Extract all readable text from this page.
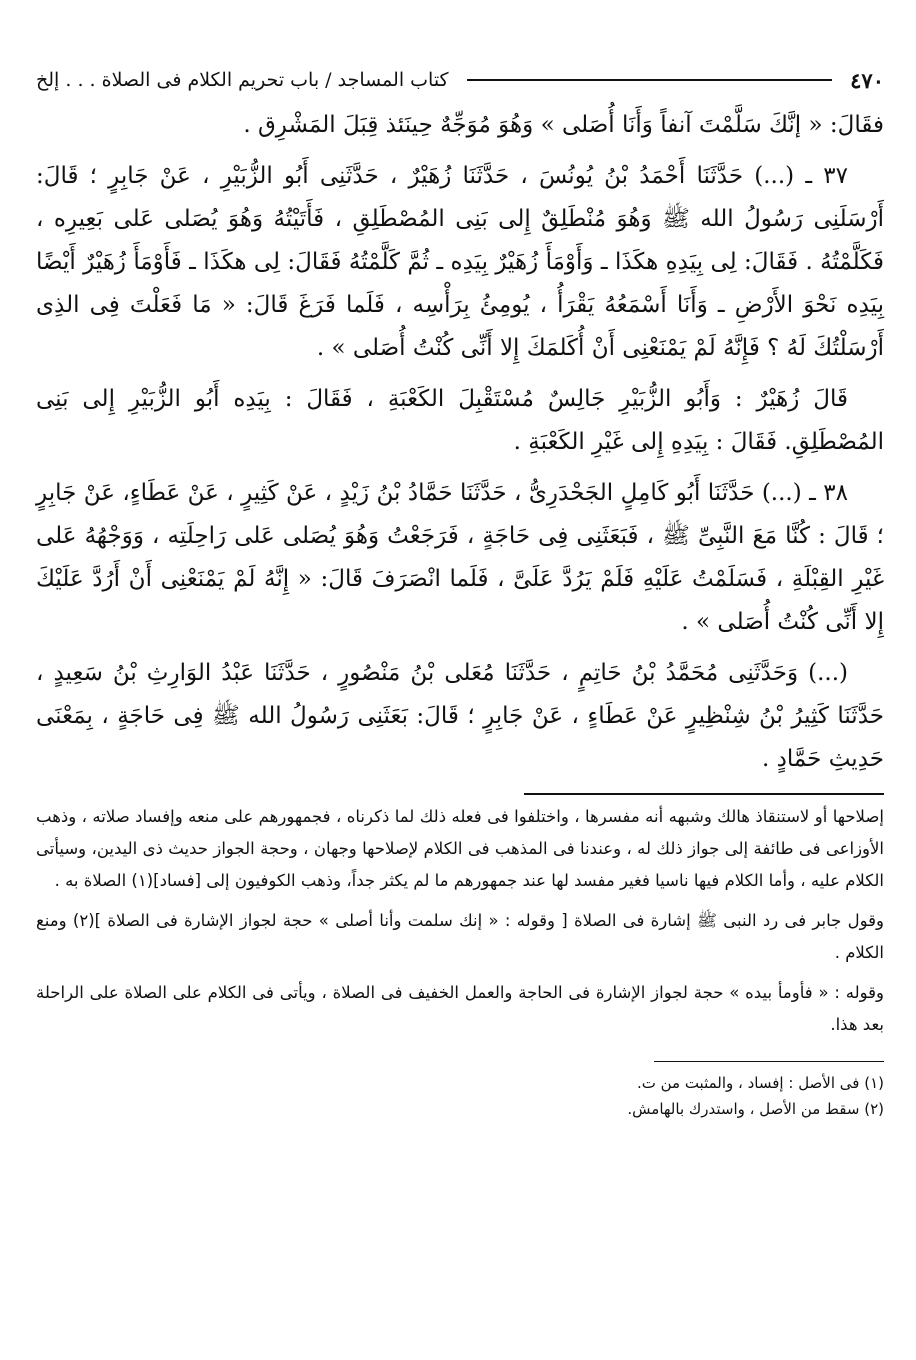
٤٧٠
كتاب المساجد / باب تحريم الكلام فى الصلاة . . . إلخ

فقَالَ: « إنَّكَ سَلَّمْتَ آنفاً وَأَنَا أُصَلى » وَهُوَ مُوَجِّهٌ حِينَئذ قِبَلَ المَشْرِق .

٣٧ ـ (...) حَدَّثَنَا أَحْمَدُ بْنُ يُونُسَ ، حَدَّثَنَا زُهَيْرٌ ، حَدَّثَنِى أَبُو الزُّبَيْرِ ، عَنْ جَابِرٍ ؛ قَالَ: أَرْسَلَنِى رَسُولُ الله ﷺ وَهُوَ مُنْطَلِقٌ إِلى بَنِى المُصْطَلِقِ ، فَأَتَيْتُهُ وَهُوَ يُصَلى عَلى بَعِيرِه ، فَكَلَّمْتُهُ . فَقَالَ: لِى بِيَدِهِ هكَذَا ـ وَأَوْمَأَ زُهَيْرٌ بِيَدِه ـ ثُمَّ كَلَّمْتُهُ فَقَالَ: لِى هكَذَا ـ فَأَوْمَأَ زُهَيْرٌ أَيْضًا بِيَدِه نَحْوَ الأَرْضِ ـ وَأَنَا أَسْمَعُهُ يَقْرَأُ ، يُومِئُ بِرَأْسِه ، فَلَما فَرَغَ قَالَ: « مَا فَعَلْتَ فِى الذِى أَرْسَلْتُكَ لَهُ ؟ فَإِنَّهُ لَمْ يَمْنَعْنِى أَنْ أُكَلمَكَ إِلا أَنِّى كُنْتُ أُصَلى » .

قَالَ زُهَيْرٌ : وَأَبُو الزُّبَيْرِ جَالِسٌ مُسْتَقْبِلَ الكَعْبَةِ ، فَقَالَ : بِيَدِه أَبُو الزُّبَيْرِ إِلى بَنِى المُصْطَلِقِ. فَقَالَ : بِيَدِهِ إِلى غَيْرِ الكَعْبَةِ .

٣٨ ـ (...) حَدَّثَنَا أَبُو كَامِلٍ الجَحْدَرِىُّ ، حَدَّثَنَا حَمَّادُ بْنُ زَيْدٍ ، عَنْ كَثِيرٍ ، عَنْ عَطَاءٍ، عَنْ جَابِرٍ ؛ قَالَ : كُنَّا مَعَ النَّبِىِّ ﷺ ، فَبَعَثَنِى فِى حَاجَةٍ ، فَرَجَعْتُ وَهُوَ يُصَلى عَلى رَاحِلَتِه ، وَوَجْهُهُ عَلى غَيْرِ القِبْلَةِ ، فَسَلَمْتُ عَلَيْهِ فَلَمْ يَرُدَّ عَلَىَّ ، فَلَما انْصَرَفَ قَالَ: « إِنَّهُ لَمْ يَمْنَعْنِى أَنْ أَرُدَّ عَلَيْكَ إِلا أَنِّى كُنْتُ أُصَلى » .

(...) وَحَدَّثَنِى مُحَمَّدُ بْنُ حَاتِمٍ ، حَدَّثَنَا مُعَلى بْنُ مَنْصُورٍ ، حَدَّثَنَا عَبْدُ الوَارِثِ بْنُ سَعِيدٍ ، حَدَّثَنَا كَثِيرُ بْنُ شِنْظِيرٍ عَنْ عَطَاءٍ ، عَنْ جَابِرٍ ؛ قَالَ: بَعَثَنِى رَسُولُ الله ﷺ فِى حَاجَةٍ ، بِمَعْنَى حَدِيثِ حَمَّادٍ .

إصلاحها أو لاستنقاذ هالك وشبهه أنه مفسرها ، واختلفوا فى فعله ذلك لما ذكرناه ، فجمهورهم على منعه وإفساد صلاته ، وذهب الأوزاعى فى طائفة إلى جواز ذلك له ، وعندنا فى المذهب فى الكلام لإصلاحها وجهان ، وحجة الجواز حديث ذى اليدين، وسيأتى الكلام عليه ، وأما الكلام فيها ناسيا فغير مفسد لها عند جمهورهم ما لم يكثر جداً، وذهب الكوفيون إلى [فساد](١) الصلاة به .

وقول جابر فى رد النبى ﷺ إشارة فى الصلاة [ وقوله : « إنك سلمت وأنا أصلى » حجة لجواز الإشارة فى الصلاة ](٢) ومنع الكلام .

وقوله : « فأومأ بيده » حجة لجواز الإشارة فى الحاجة والعمل الخفيف فى الصلاة ، ويأتى فى الكلام على الصلاة على الراحلة بعد هذا.

(١) فى الأصل : إفساد ، والمثبت من ت.

(٢) سقط من الأصل ، واستدرك بالهامش.
